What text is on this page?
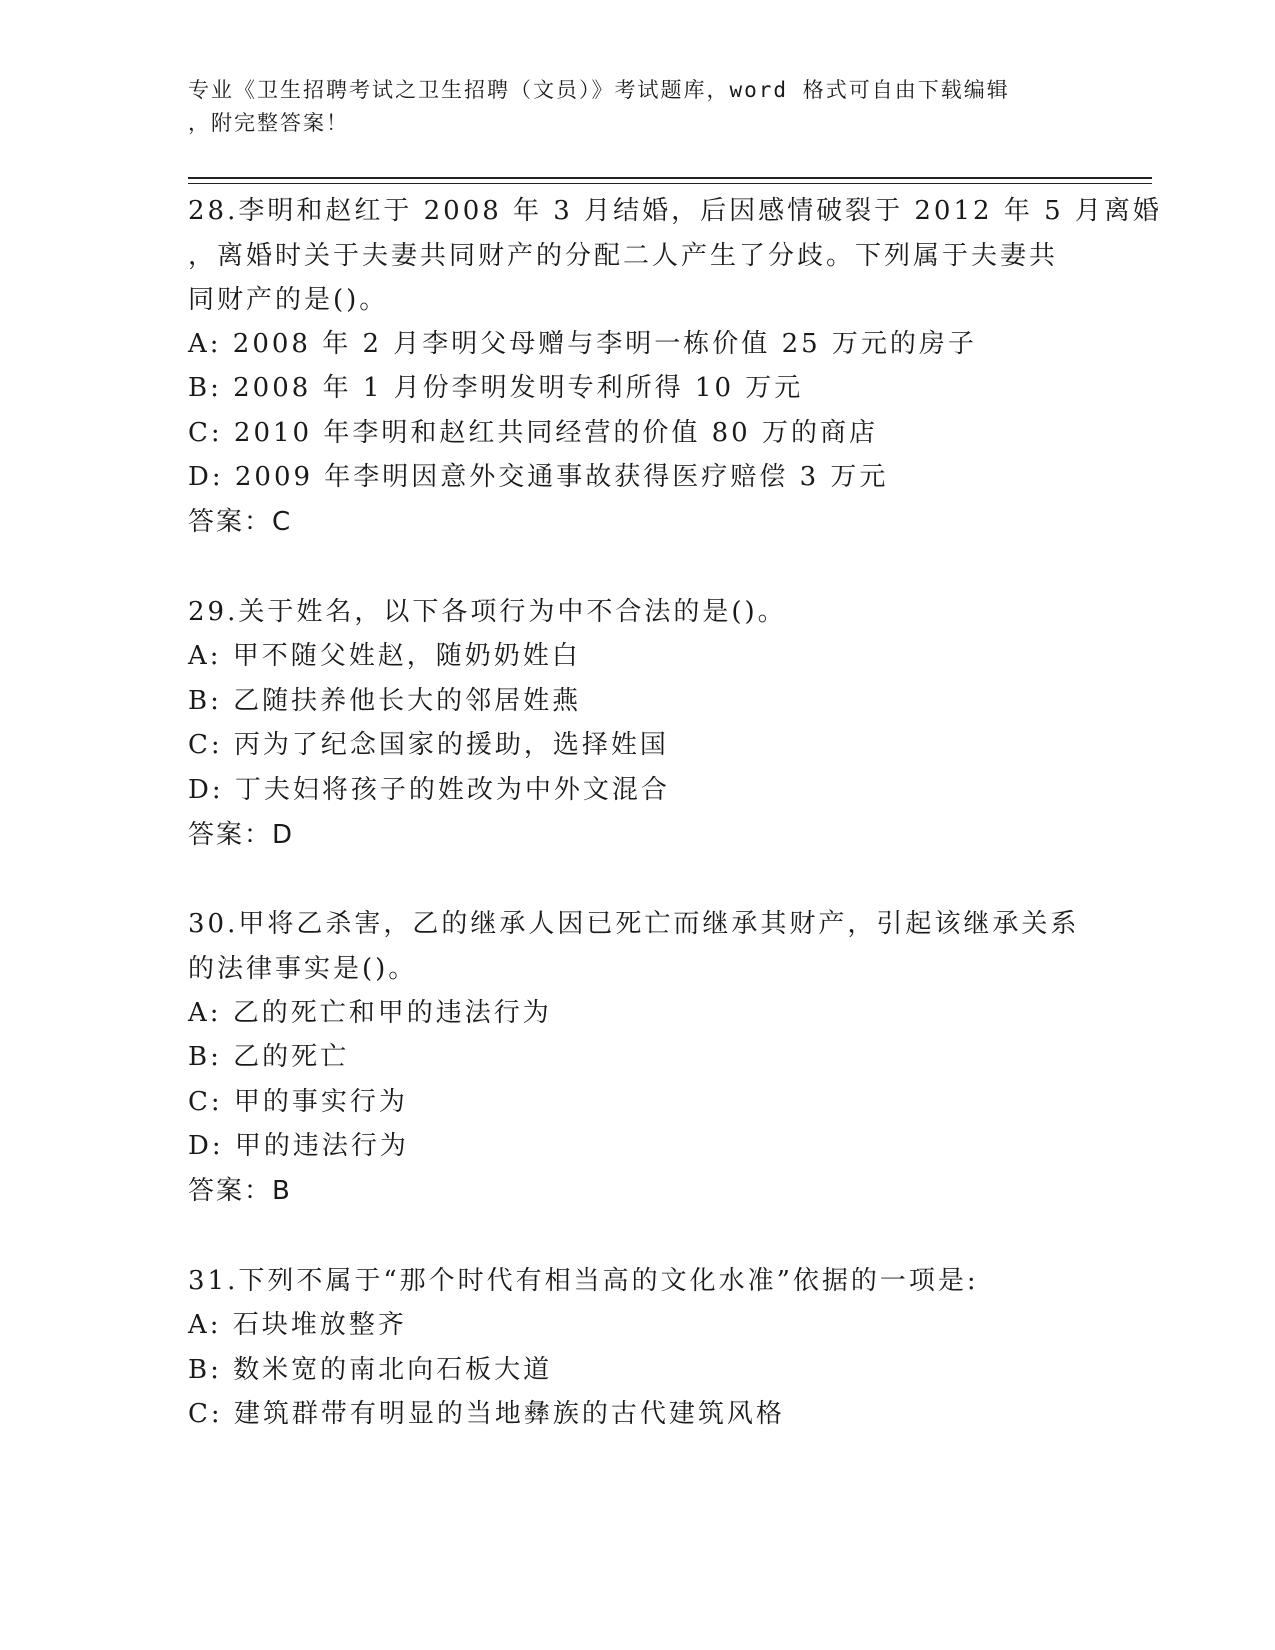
专业《卫生招聘考试之卫生招聘（文员）》考试题库，word 格式可自由下载编辑
，附完整答案！
28.李明和赵红于 2008 年 3 月结婚，后因感情破裂于 2012 年 5 月离婚
，离婚时关于夫妻共同财产的分配二人产生了分歧。下列属于夫妻共
同财产的是()。
A: 2008 年 2 月李明父母赠与李明一栋价值 25 万元的房子
B: 2008 年 1 月份李明发明专利所得 10 万元
C: 2010 年李明和赵红共同经营的价值 80 万的商店
D: 2009 年李明因意外交通事故获得医疗赔偿 3 万元
答案：C
29.关于姓名，以下各项行为中不合法的是()。
A: 甲不随父姓赵，随奶奶姓白
B: 乙随扶养他长大的邻居姓燕
C: 丙为了纪念国家的援助，选择姓国
D: 丁夫妇将孩子的姓改为中外文混合
答案：D
30.甲将乙杀害，乙的继承人因已死亡而继承其财产，引起该继承关系
的法律事实是()。
A: 乙的死亡和甲的违法行为
B: 乙的死亡
C: 甲的事实行为
D: 甲的违法行为
答案：B
31.下列不属于“那个时代有相当高的文化水准”依据的一项是:
A: 石块堆放整齐
B: 数米宽的南北向石板大道
C: 建筑群带有明显的当地彝族的古代建筑风格
